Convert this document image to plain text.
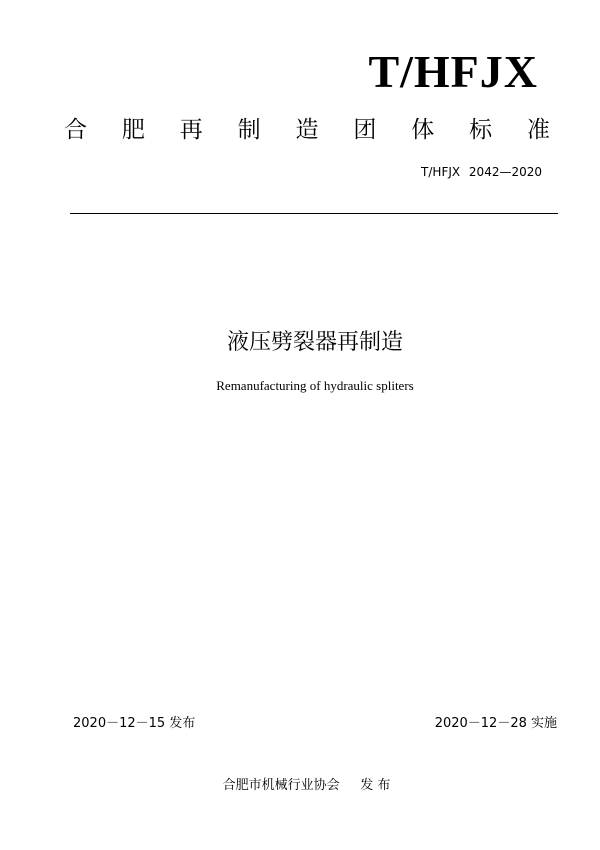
T/HFJX
合 肥 再 制 造 团 体 标 准
T/HFJX 2042—2020
液压劈裂器再制造
Remanufacturing of hydraulic spliters
2020－12－15 发布	2020－12－28 实施
合肥市机械行业协会     发 布
